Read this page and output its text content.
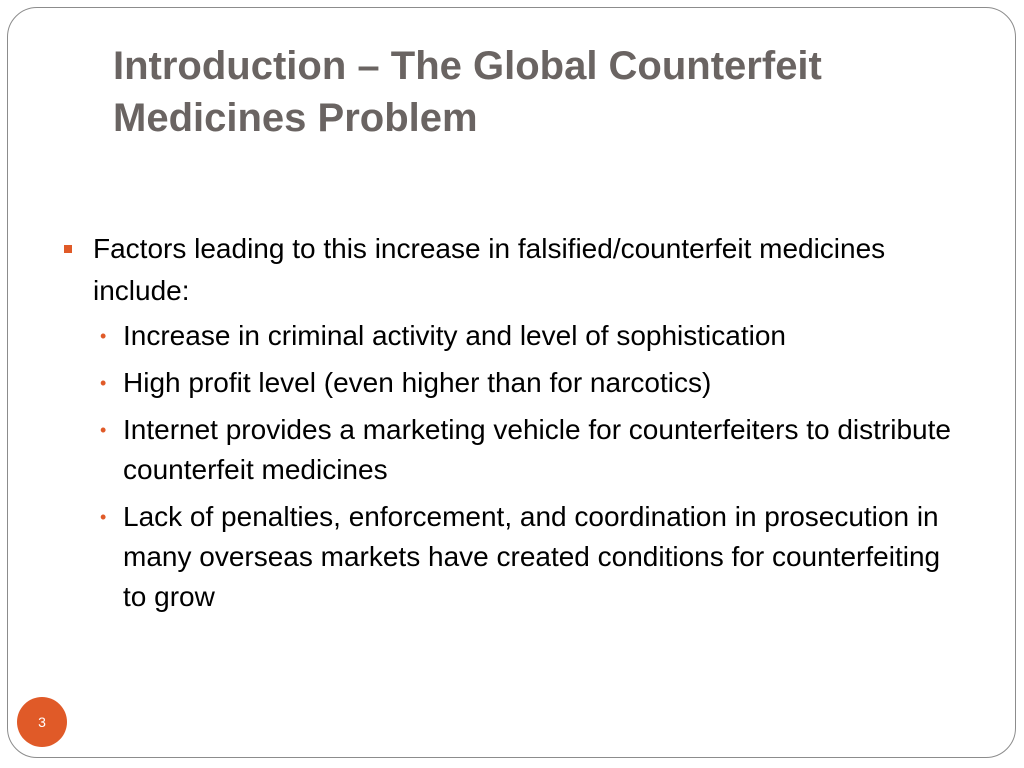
Introduction – The Global Counterfeit Medicines Problem
Factors leading to this increase in falsified/counterfeit medicines include:
• Increase in criminal activity and level of sophistication
• High profit level (even higher than for narcotics)
• Internet provides a marketing vehicle for counterfeiters to distribute counterfeit medicines
• Lack of penalties, enforcement, and coordination in prosecution in many overseas markets have created conditions for counterfeiting to grow
3
